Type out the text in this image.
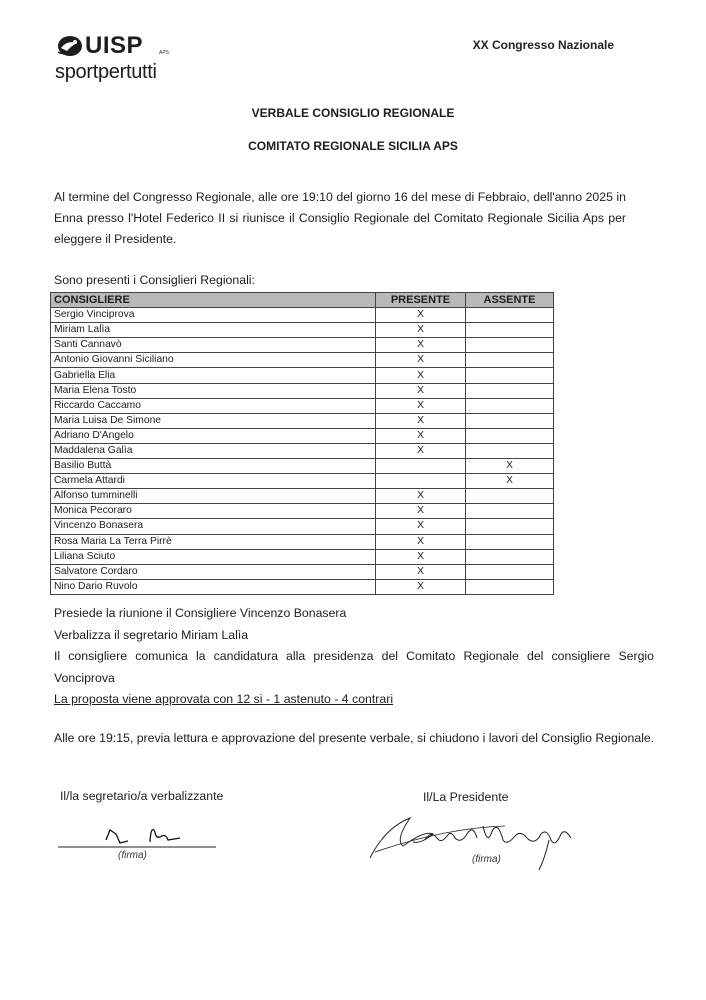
UISP	APS
sportpertutti
XX Congresso Nazionale
VERBALE CONSIGLIO REGIONALE
COMITATO REGIONALE SICILIA APS
Al termine del Congresso Regionale, alle ore 19:10 del giorno 16 del mese di Febbraio, dell'anno 2025 in Enna presso l'Hotel Federico II si riunisce il Consiglio Regionale del Comitato Regionale Sicilia Aps per eleggere il Presidente.
Sono presenti i Consiglieri Regionali:
CONSIGLIERE	PRESENTE	ASSENTE
Sergio Vinciprova	X	
Miriam Lalìa	X	
Santi Cannavò	X	
Antonio Giovanni Siciliano	X	
Gabriella Elia	X	
Maria Elena Tosto	X	
Riccardo Caccamo	X	
Maria Luisa De Simone	X	
Adriano D'Angelo	X	
Maddalena Galìa	X	
Basilio Buttà		X
Carmela Attardi		X
Alfonso tumminelli	X	
Monica Pecoraro	X	
Vincenzo Bonasera	X	
Rosa Maria La Terra Pirrè	X	
Liliana Sciuto	X	
Salvatore Cordaro	X	
Nino Dario Ruvolo	X	
Presiede la riunione il Consigliere Vincenzo Bonasera
Verbalizza il segretario Miriam Lalìa
Il consigliere comunica la candidatura alla presidenza del Comitato Regionale del consigliere Sergio Vonciprova
La proposta viene approvata con 12 si - 1 astenuto - 4 contrari
Alle ore 19:15, previa lettura e approvazione del presente verbale, si chiudono i lavori del Consiglio Regionale.
Il/la segretario/a verbalizzante	Il/La Presidente
(firma)	(firma)
